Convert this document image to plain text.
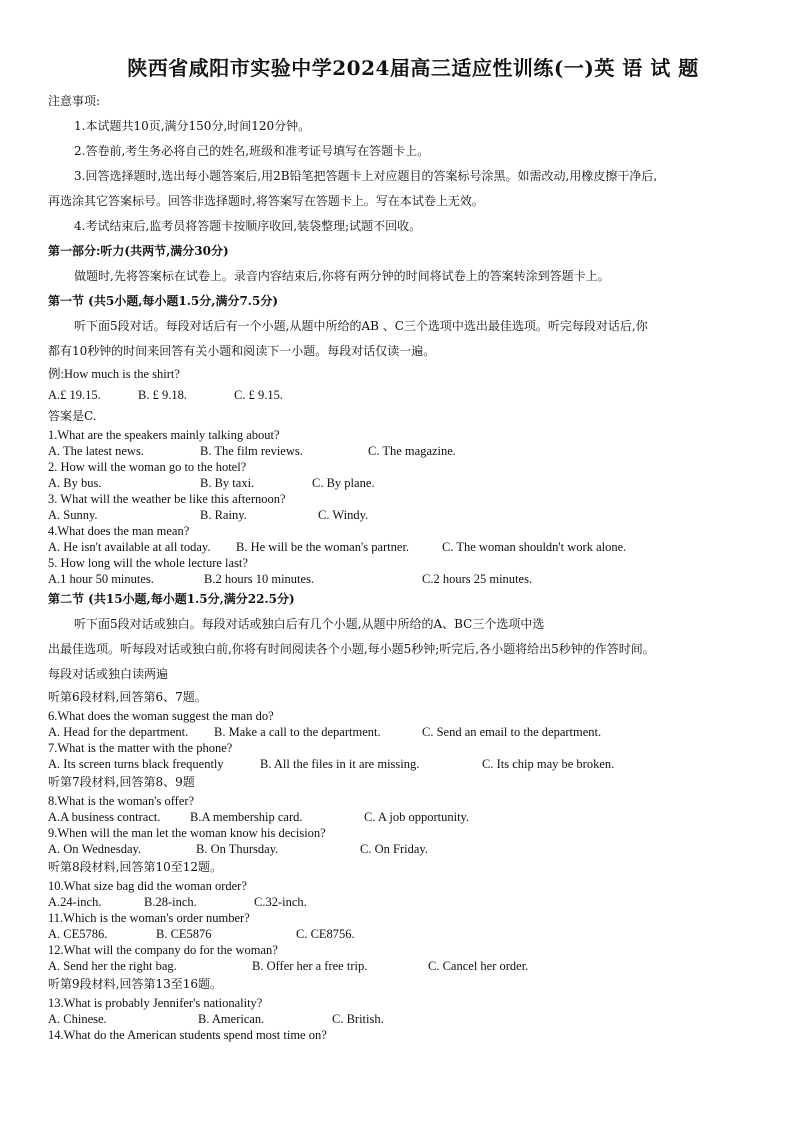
陕西省咸阳市实验中学2024届高三适应性训练(一)英 语 试 题
注意事项:
1.本试题共10页,满分150分,时间120分钟。
2.答卷前,考生务必将自己的姓名,班级和准考证号填写在答题卡上。
3.回答选择题时,选出每小题答案后,用2B铅笔把答题卡上对应题目的答案标号涂黑。如需改动,用橡皮擦干净后,
再选涂其它答案标号。回答非选择题时,将答案写在答题卡上。写在本试卷上无效。
4.考试结束后,监考员将答题卡按顺序收回,装袋整理;试题不回收。
第一部分:听力(共两节,满分30分)
做题时,先将答案标在试卷上。录音内容结束后,你将有两分钟的时间将试卷上的答案转涂到答题卡上。
第一节 (共5小题,每小题1.5分,满分7.5分)
听下面5段对话。每段对话后有一个小题,从题中所给的AB 、C三个选项中选出最佳选项。听完每段对话后,你
都有10秒钟的时间来回答有关小题和阅读下一小题。每段对话仅读一遍。
例:How much is the shirt?
A.£ 19.15.	B. £ 9.18.	C. £ 9.15.
答案是C.
1.What are the speakers mainly talking about?
A. The latest news.	B. The film reviews.	C. The magazine.
2. How will the woman go to the hotel?
A. By bus.	B. By taxi.	C. By plane.
3. What will the weather be like this afternoon?
A. Sunny.	B. Rainy.	C. Windy.
4.What does the man mean?
A. He isn't available at all today. B. He will be the woman's partner.	C. The woman shouldn't work alone.
5. How long will the whole lecture last?
A.1 hour 50 minutes.	B.2 hours 10 minutes.	C.2 hours 25 minutes.
第二节 (共15小题,每小题1.5分,满分22.5分)
听下面5段对话或独白。每段对话或独白后有几个小题,从题中所给的A、BC三个选项中选
出最佳选项。听每段对话或独白前,你将有时间阅读各个小题,每小题5秒钟;听完后,各小题将给出5秒钟的作答时间。
每段对话或独白读两遍
听第6段材料,回答第6、7题。
6.What does the woman suggest the man do?
A. Head for the department. B. Make a call to the department.	C. Send an email to the department.
7.What is the matter with the phone?
A. Its screen turns black frequently	B. All the files in it are missing.	C. Its chip may be broken.
听第7段材料,回答第8、9题
8.What is the woman's offer?
A.A business contract. B.A membership card.	C. A job opportunity.
9.When will the man let the woman know his decision?
A. On Wednesday.	B. On Thursday.	C. On Friday.
听第8段材料,回答第10至12题。
10.What size bag did the woman order?
A.24-inch.	B.28-inch.	C.32-inch.
11.Which is the woman's order number?
A. CE5786.	B. CE5876	C. CE8756.
12.What will the company do for the woman?
A. Send her the right bag.	B. Offer her a free trip.	C. Cancel her order.
听第9段材料,回答第13至16题。
13.What is probably Jennifer's nationality?
A. Chinese.	B. American.	C. British.
14.What do the American students spend most time on?
